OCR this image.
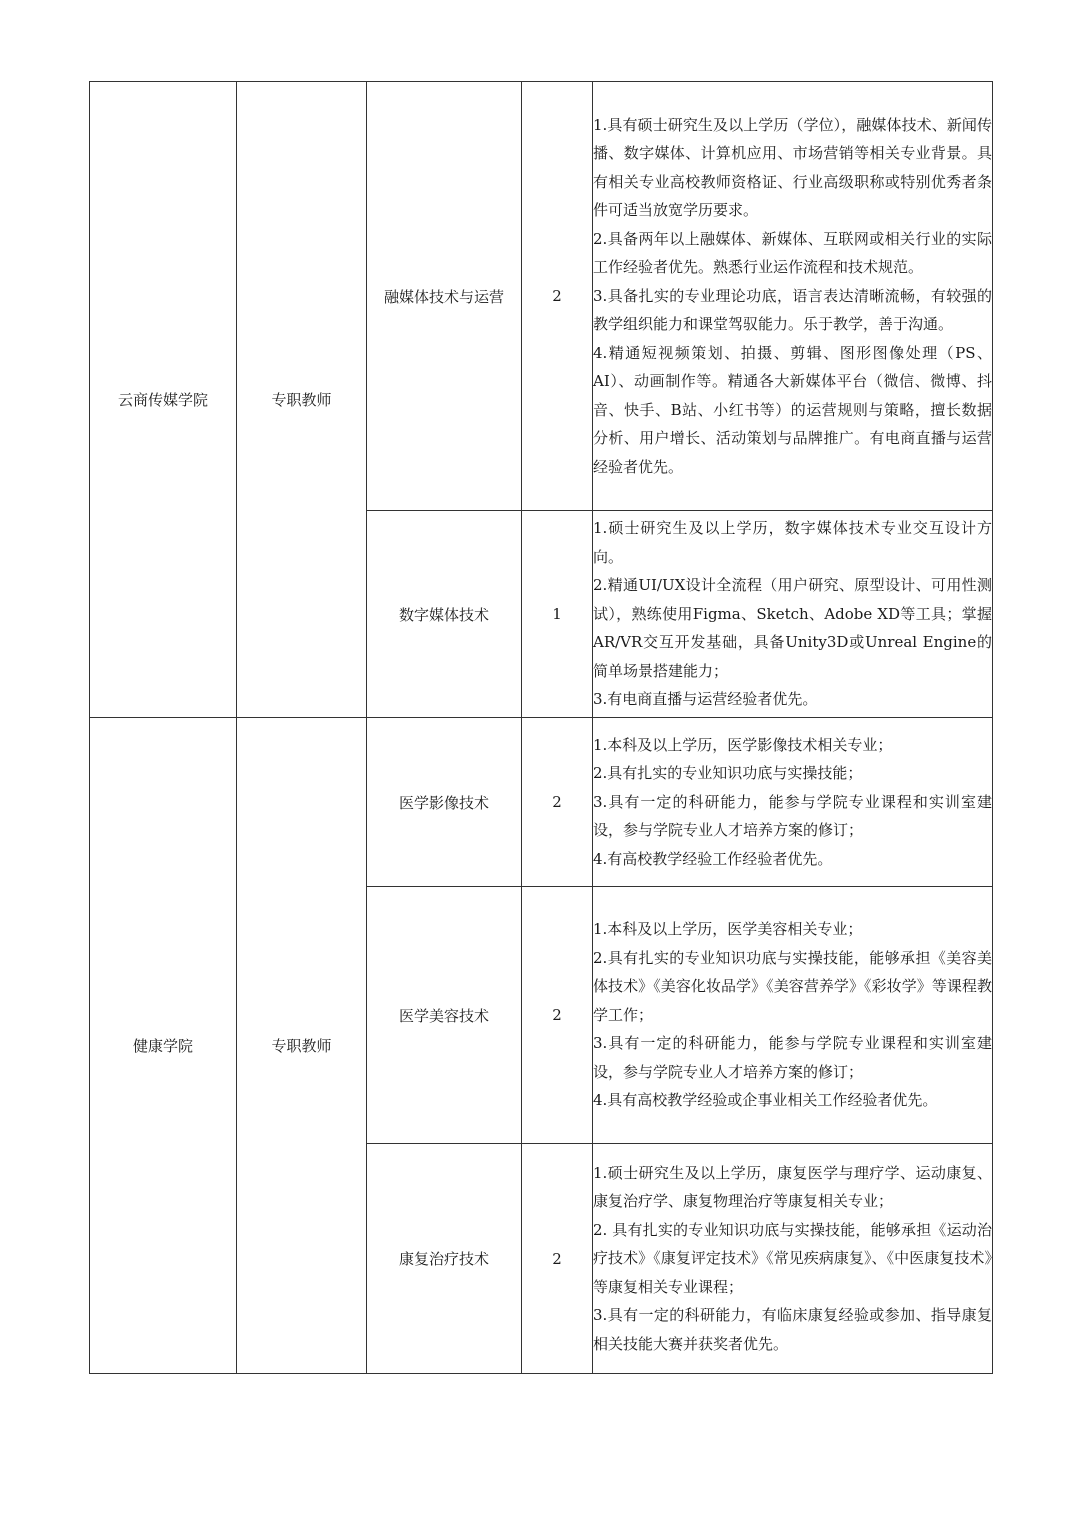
云商传媒学院	专职教师	融媒体技术与运营	2	1.具有硕士研究生及以上学历（学位），融媒体技术、新闻传播、数字媒体、计算机应用、市场营销等相关专业背景。具有相关专业高校教师资格证、行业高级职称或特别优秀者条件可适当放宽学历要求。

2.具备两年以上融媒体、新媒体、互联网或相关行业的实际工作经验者优先。熟悉行业运作流程和技术规范。

3.具备扎实的专业理论功底，语言表达清晰流畅，有较强的教学组织能力和课堂驾驭能力。乐于教学，善于沟通。

4.精通短视频策划、拍摄、剪辑、图形图像处理（PS、AI）、动画制作等。精通各大新媒体平台（微信、微博、抖音、快手、B站、小红书等）的运营规则与策略，擅长数据分析、用户增长、活动策划与品牌推广。有电商直播与运营经验者优先。

		数字媒体技术	1	1.硕士研究生及以上学历，数字媒体技术专业交互设计方向。

2.精通UI/UX设计全流程（用户研究、原型设计、可用性测试），熟练使用Figma、Sketch、Adobe XD等工具；掌握AR/VR交互开发基础，具备Unity3D或Unreal Engine的简单场景搭建能力；

3.有电商直播与运营经验者优先。

健康学院	专职教师	医学影像技术	2	1.本科及以上学历，医学影像技术相关专业；

2.具有扎实的专业知识功底与实操技能；

3.具有一定的科研能力，能参与学院专业课程和实训室建设，参与学院专业人才培养方案的修订；

4.有高校教学经验工作经验者优先。

		医学美容技术	2	1.本科及以上学历，医学美容相关专业；

2.具有扎实的专业知识功底与实操技能，能够承担《美容美体技术》《美容化妆品学》《美容营养学》《彩妆学》等课程教学工作；

3.具有一定的科研能力，能参与学院专业课程和实训室建设，参与学院专业人才培养方案的修订；

4.具有高校教学经验或企事业相关工作经验者优先。

		康复治疗技术	2	1.硕士研究生及以上学历，康复医学与理疗学、运动康复、康复治疗学、康复物理治疗等康复相关专业；

2. 具有扎实的专业知识功底与实操技能，能够承担《运动治疗技术》《康复评定技术》《常见疾病康复》、《中医康复技术》等康复相关专业课程；

3.具有一定的科研能力，有临床康复经验或参加、指导康复相关技能大赛并获奖者优先。
